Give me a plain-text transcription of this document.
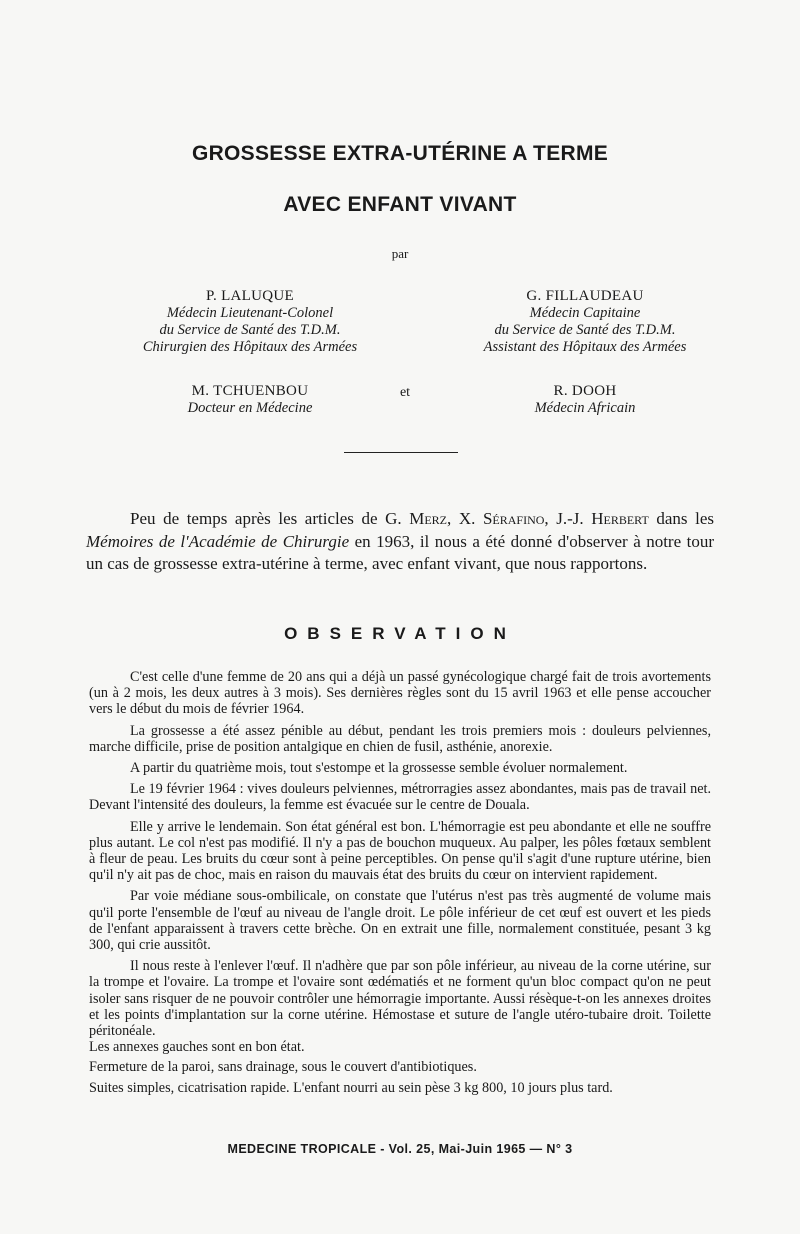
GROSSESSE EXTRA-UTÉRINE A TERME
AVEC ENFANT VIVANT
par
P. LALUQUE
Médecin Lieutenant-Colonel
du Service de Santé des T.D.M.
Chirurgien des Hôpitaux des Armées
G. FILLAUDEAU
Médecin Capitaine
du Service de Santé des T.D.M.
Assistant des Hôpitaux des Armées
M. TCHUENBOU
Docteur en Médecine
et	R. DOOH
Médecin Africain
Peu de temps après les articles de G. Merz, X. Sérafino, J.-J. Herbert dans les Mémoires de l'Académie de Chirurgie en 1963, il nous a été donné d'observer à notre tour un cas de grossesse extra-utérine à terme, avec enfant vivant, que nous rapportons.
OBSERVATION

C'est celle d'une femme de 20 ans qui a déjà un passé gynécologique chargé fait de trois avortements (un à 2 mois, les deux autres à 3 mois). Ses dernières règles sont du 15 avril 1963 et elle pense accoucher vers le début du mois de février 1964.

La grossesse a été assez pénible au début, pendant les trois premiers mois : douleurs pelviennes, marche difficile, prise de position antalgique en chien de fusil, asthénie, anorexie.

A partir du quatrième mois, tout s'estompe et la grossesse semble évoluer normalement.

Le 19 février 1964 : vives douleurs pelviennes, métrorragies assez abondantes, mais pas de travail net. Devant l'intensité des douleurs, la femme est évacuée sur le centre de Douala.

Elle y arrive le lendemain. Son état général est bon. L'hémorragie est peu abondante et elle ne souffre plus autant. Le col n'est pas modifié. Il n'y a pas de bouchon muqueux. Au palper, les pôles fœtaux semblent à fleur de peau. Les bruits du cœur sont à peine perceptibles. On pense qu'il s'agit d'une rupture utérine, bien qu'il n'y ait pas de choc, mais en raison du mauvais état des bruits du cœur on intervient rapidement.

Par voie médiane sous-ombilicale, on constate que l'utérus n'est pas très augmenté de volume mais qu'il porte l'ensemble de l'œuf au niveau de l'angle droit. Le pôle inférieur de cet œuf est ouvert et les pieds de l'enfant apparaissent à travers cette brèche. On en extrait une fille, normalement constituée, pesant 3 kg 300, qui crie aussitôt.

Il nous reste à l'enlever l'œuf. Il n'adhère que par son pôle inférieur, au niveau de la corne utérine, sur la trompe et l'ovaire. La trompe et l'ovaire sont œdématiés et ne forment qu'un bloc compact qu'on ne peut isoler sans risquer de ne pouvoir contrôler une hémorragie importante. Aussi résèque-t-on les annexes droites et les points d'implantation sur la corne utérine. Hémostase et suture de l'angle utéro-tubaire droit. Toilette péritonéale.

Les annexes gauches sont en bon état.

Fermeture de la paroi, sans drainage, sous le couvert d'antibiotiques.

Suites simples, cicatrisation rapide. L'enfant nourri au sein pèse 3 kg 800, 10 jours plus tard.

MEDECINE TROPICALE - Vol. 25, Mai-Juin 1965 — N° 3
